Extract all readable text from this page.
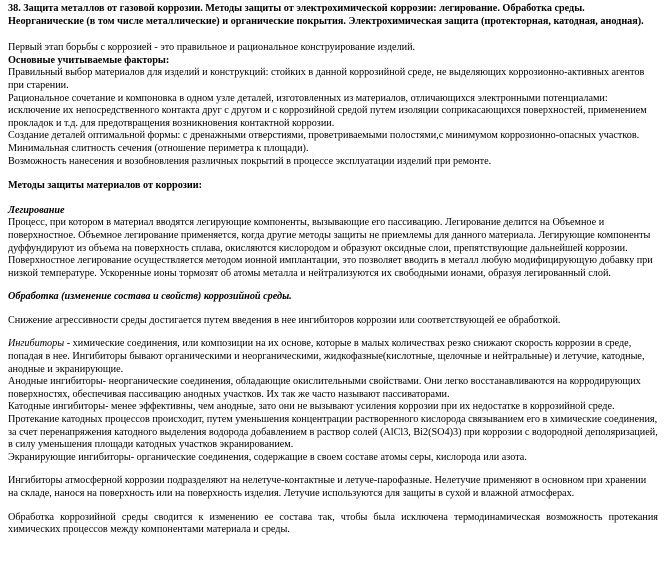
38. Защита металлов от газовой коррозии. Методы защиты от электрохимической коррозии: легирование. Обработка среды. Неорганические (в том числе металлические) и органические покрытия. Электрохимическая защита (протекторная, катодная, анодная).

Первый этап борьбы с коррозией - это правильное и рациональное конструирование изделий.

Основные учитываемые факторы:

Правильный выбор материалов для изделий и конструкций: стойких в данной коррозийной среде, не выделяющих коррозионно-активных агентов при старении.

Рациональное сочетание и компоновка в одном узле деталей, изготовленных из материалов, отличающихся электронными потенциалами: исключение их непосредственного контакта друг с другом и с коррозийной средой путем изоляции соприкасающихся поверхностей, применением прокладок и т.д. для предотвращения возникновения контактной коррозии.

Создание деталей оптимальной формы: с дренажными отверстиями, проветриваемыми полостями,с минимумом коррозионно-опасных участков.

Минимальная слитность сечения (отношение периметра к площади).

Возможность нанесения и возобновления различных покрытий в процессе эксплуатации изделий при ремонте.

Методы защиты материалов от коррозии:

Легирование

Процесс, при котором в материал вводятся легирующие компоненты, вызывающие его пассивацию. Легирование делится на Объемное и поверхностное. Объемное легирование применяется, когда другие методы защиты не приемлемы для данного материала. Легирующие компоненты дуффундируют из объема на поверхность сплава, окисляются кислородом и образуют оксидные слои, препятствующие дальнейшей коррозии.

Поверхностное легирование осуществляется методом ионной имплантации, это позволяет вводить в металл любую модифицирующую добавку при низкой температуре. Ускоренные ионы тормозят об атомы металла и нейтрализуются их свободными ионами, образуя легированный слой.

Обработка (изменение состава и свойств) коррозийной среды.

Снижение агрессивности среды достигается путем введения в нее ингибиторов коррозии или соответствующей ее обработкой.

Ингибиторы - химические соединения, или композиции на их основе, которые в малых количествах резко снижают скорость коррозии в среде, попадая в нее. Ингибиторы бывают органическими и неорганическими, жидкофазные(кислотные, щелочные и нейтральные) и летучие, катодные, анодные и экранирующие.

Анодные ингибиторы- неорганические соединения, обладающие окислительными свойствами. Они легко восстанавливаются на корродирующих поверхностях, обеспечивая пассивацию анодных участков. Их так же часто называют пассиваторами.

Катодные ингибиторы- менее эффективны, чем анодные, зато они не вызывают усиления коррозии при их недостатке в коррозийной среде. Протекание катодных процессов происходит, путем уменьшения концентрации растворенного кислорода связыванием его в химические соединения, за счет перенапряжения катодного выделения водорода добавлением в раствор солей (AlCl3, Bi2(SO4)3) при коррозии с водородной деполяризацией, в силу уменьшения площади катодных участков экранированием.

Экранирующие ингибиторы- органические соединения, содержащие в своем составе атомы серы, кислорода или азота.

Ингибиторы атмосферной коррозии подразделяют на нелетуче-контактные и летуче-парофазные. Нелетучие применяют в основном при хранении на складе, нанося на поверхность или на поверхность изделия. Летучие используются для защиты в сухой и влажной атмосферах.

Обработка коррозийной среды сводится к изменению ее состава так, чтобы была исключена термодинамическая возможность протекания химических процессов между компонентами материала и среды.
